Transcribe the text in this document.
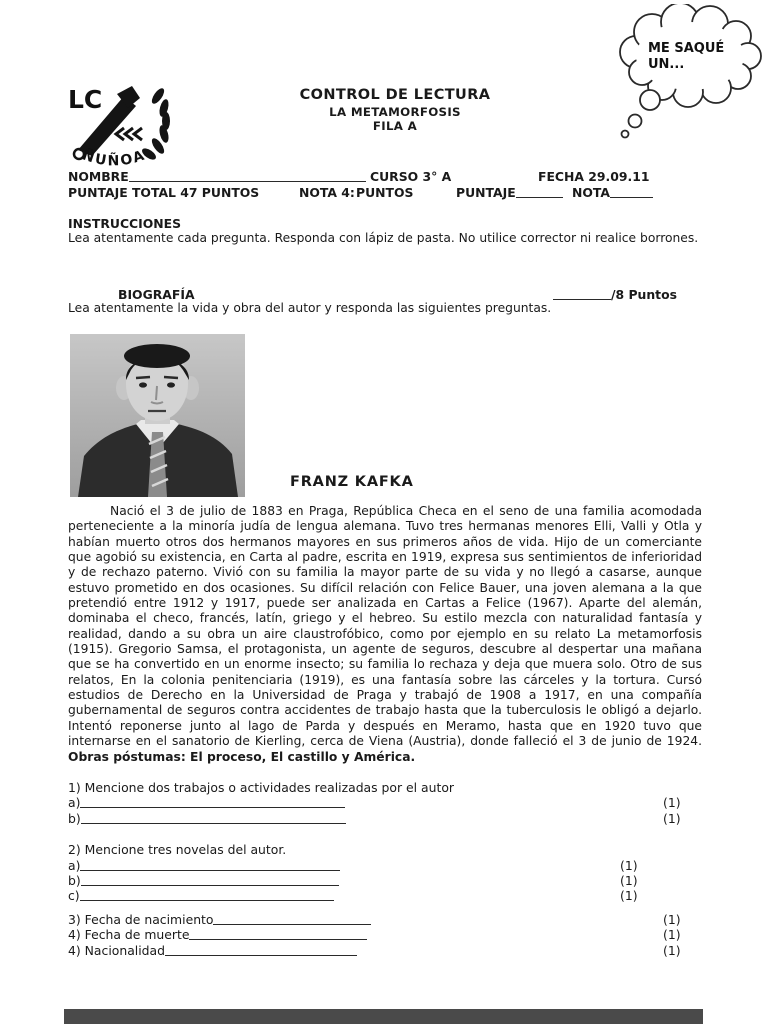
LC
ÑUÑOA
ME SAQUÉ
UN...
CONTROL DE LECTURA
LA METAMORFOSIS
FILA A
NOMBRE	CURSO 3° A	FECHA 29.09.11
PUNTAJE TOTAL 47 PUNTOS	NOTA 4: PUNTOS	PUNTAJE	NOTA
INSTRUCCIONES
Lea atentamente cada pregunta. Responda con lápiz de pasta. No utilice corrector ni realice borrones.
BIOGRAFÍA	/8 Puntos
Lea atentamente la vida y obra del autor y responda las siguientes preguntas.
FRANZ KAFKA
Nació el 3 de julio de 1883 en Praga, República Checa en el seno de una familia acomodada perteneciente a la minoría judía de lengua alemana. Tuvo tres hermanas menores Elli, Valli y Otla y habían muerto otros dos hermanos mayores en sus primeros años de vida. Hijo de un comerciante que agobió su existencia, en Carta al padre, escrita en 1919, expresa sus sentimientos de inferioridad y de rechazo paterno. Vivió con su familia la mayor parte de su vida y no llegó a casarse, aunque estuvo prometido en dos ocasiones. Su difícil relación con Felice Bauer, una joven alemana a la que pretendió entre 1912 y 1917, puede ser analizada en Cartas a Felice (1967). Aparte del alemán, dominaba el checo, francés, latín, griego y el hebreo. Su estilo mezcla con naturalidad fantasía y realidad, dando a su obra un aire claustrofóbico, como por ejemplo en su relato La metamorfosis (1915). Gregorio Samsa, el protagonista, un agente de seguros, descubre al despertar una mañana que se ha convertido en un enorme insecto; su familia lo rechaza y deja que muera solo. Otro de sus relatos, En la colonia penitenciaria (1919), es una fantasía sobre las cárceles y la tortura. Cursó estudios de Derecho en la Universidad de Praga y trabajó de 1908 a 1917, en una compañía gubernamental de seguros contra accidentes de trabajo hasta que la tuberculosis le obligó a dejarlo. Intentó reponerse junto al lago de Parda y después en Meramo, hasta que en 1920 tuvo que internarse en el sanatorio de Kierling, cerca de Viena (Austria), donde falleció el 3 de junio de 1924. Obras póstumas: El proceso, El castillo y América.
1) Mencione dos trabajos o actividades realizadas por el autor
a)	(1)
b)	(1)
2) Mencione tres novelas del autor.
a)	(1)
b)	(1)
c)	(1)
3) Fecha de nacimiento	(1)
4) Fecha de muerte	(1)
4) Nacionalidad	(1)
